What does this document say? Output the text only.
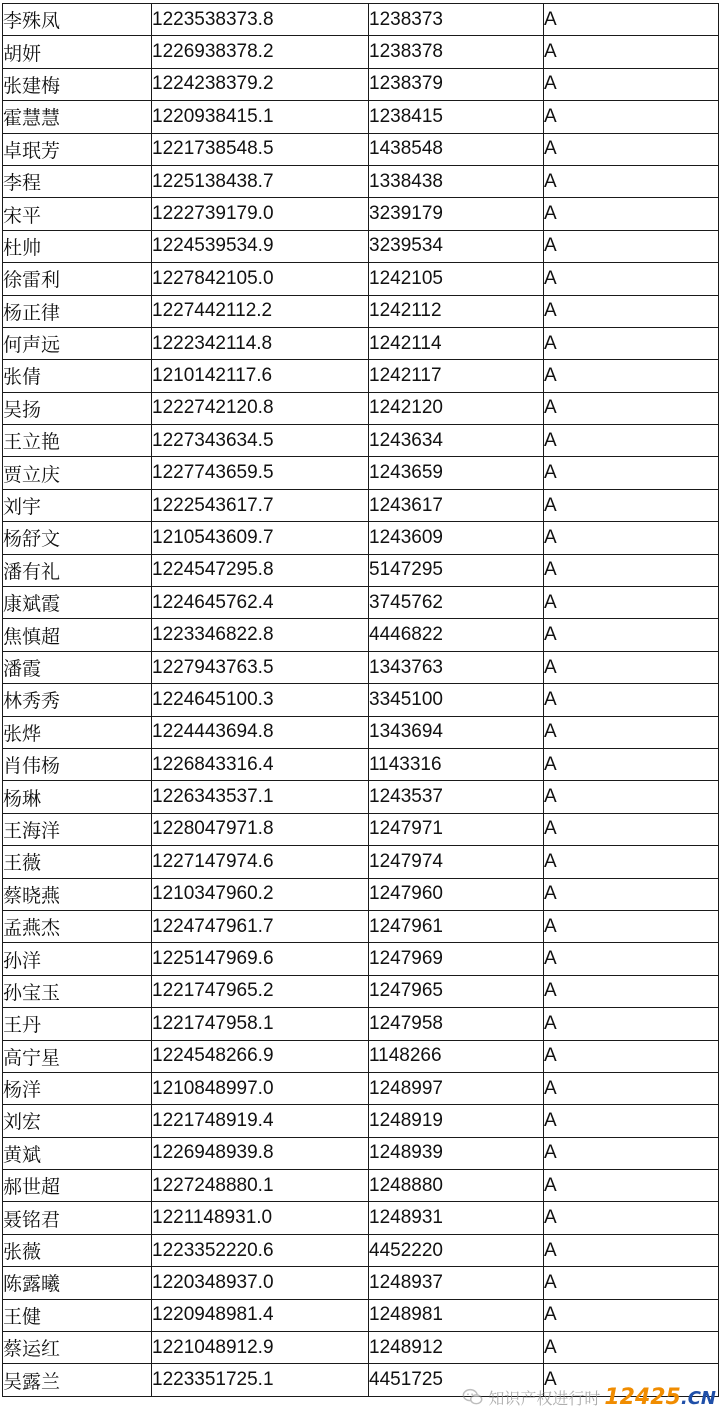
李殊凤	1223538373.8	1238373	A
胡妍	1226938378.2	1238378	A
张建梅	1224238379.2	1238379	A
霍慧慧	1220938415.1	1238415	A
卓珉芳	1221738548.5	1438548	A
李程	1225138438.7	1338438	A
宋平	1222739179.0	3239179	A
杜帅	1224539534.9	3239534	A
徐雷利	1227842105.0	1242105	A
杨正律	1227442112.2	1242112	A
何声远	1222342114.8	1242114	A
张倩	1210142117.6	1242117	A
吴扬	1222742120.8	1242120	A
王立艳	1227343634.5	1243634	A
贾立庆	1227743659.5	1243659	A
刘宇	1222543617.7	1243617	A
杨舒文	1210543609.7	1243609	A
潘有礼	1224547295.8	5147295	A
康斌霞	1224645762.4	3745762	A
焦慎超	1223346822.8	4446822	A
潘霞	1227943763.5	1343763	A
林秀秀	1224645100.3	3345100	A
张烨	1224443694.8	1343694	A
肖伟杨	1226843316.4	1143316	A
杨琳	1226343537.1	1243537	A
王海洋	1228047971.8	1247971	A
王薇	1227147974.6	1247974	A
蔡晓燕	1210347960.2	1247960	A
孟燕杰	1224747961.7	1247961	A
孙洋	1225147969.6	1247969	A
孙宝玉	1221747965.2	1247965	A
王丹	1221747958.1	1247958	A
高宁星	1224548266.9	1148266	A
杨洋	1210848997.0	1248997	A
刘宏	1221748919.4	1248919	A
黄斌	1226948939.8	1248939	A
郝世超	1227248880.1	1248880	A
聂铭君	1221148931.0	1248931	A
张薇	1223352220.6	4452220	A
陈露曦	1220348937.0	1248937	A
王健	1220948981.4	1248981	A
蔡运红	1221048912.9	1248912	A
吴露兰	1223351725.1	4451725	A
知识产权进行时 12425.CN
